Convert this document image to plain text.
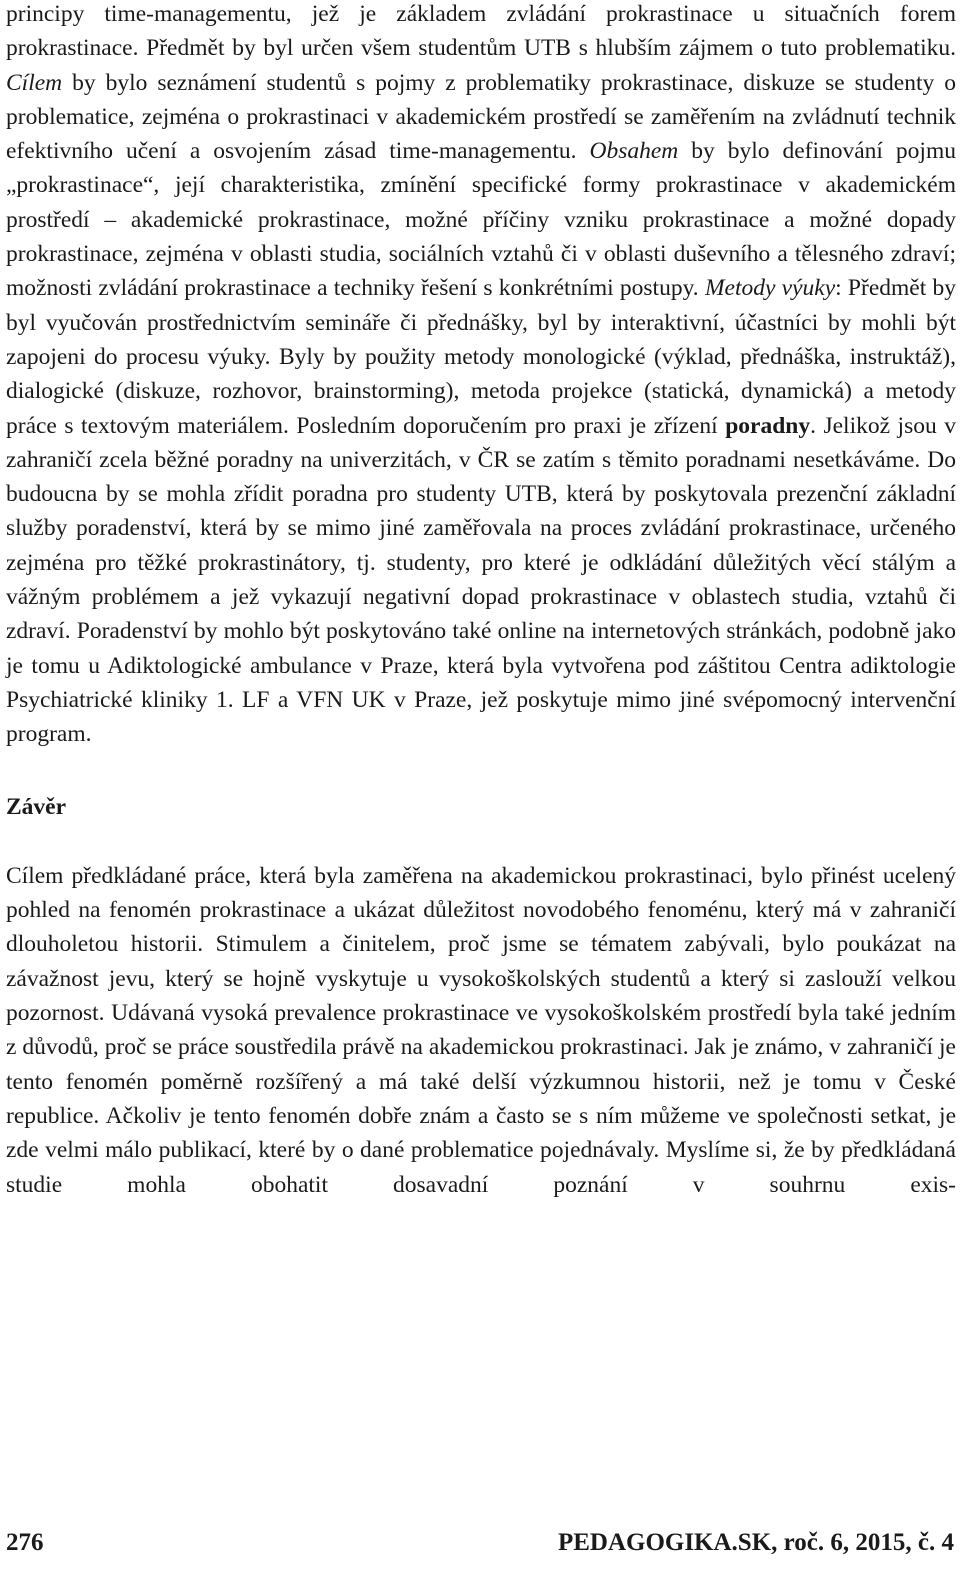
principy time-managementu, jež je základem zvládání prokrastinace u situačních forem prokrastinace. Předmět by byl určen všem studentům UTB s hlubším zájmem o tuto problematiku. Cílem by bylo seznámení studentů s pojmy z problematiky prokrastinace, diskuze se studenty o problematice, zejména o prokrastinaci v akademickém prostředí se zaměřením na zvládnutí technik efektivního učení a osvojením zásad time-managementu. Obsahem by bylo definování pojmu „prokrastinace“, její charakteristika, zmínění specifické formy prokrastinace v akademickém prostředí – akademické prokrastinace, možné příčiny vzniku prokrastinace a možné dopady prokrastinace, zejména v oblasti studia, sociálních vztahů či v oblasti duševního a tělesného zdraví; možnosti zvládání prokrastinace a techniky řešení s konkrétními postupy. Metody výuky: Předmět by byl vyučován prostřednictvím semináře či přednášky, byl by interaktivní, účastníci by mohli být zapojeni do procesu výuky. Byly by použity metody monologické (výklad, přednáška, instruktáž), dialogické (diskuze, rozhovor, brainstorming), metoda projekce (statická, dynamická) a metody práce s textovým materiálem. Posledním doporučením pro praxi je zřízení poradny. Jelikož jsou v zahraničí zcela běžné poradny na univerzitách, v ČR se zatím s těmito poradnami nesetkáváme. Do budoucna by se mohla zřídit poradna pro studenty UTB, která by poskytovala prezenční základní služby poradenství, která by se mimo jiné zaměřovala na proces zvládání prokrastinace, určeného zejména pro těžké prokrastinátory, tj. studenty, pro které je odkládání důležitých věcí stálým a vážným problémem a jež vykazují negativní dopad prokrastinace v oblastech studia, vztahů či zdraví. Poradenství by mohlo být poskytováno také online na internetových stránkách, podobně jako je tomu u Adiktologické ambulance v Praze, která byla vytvořena pod záštitou Centra adiktologie Psychiatrické kliniky 1. LF a VFN UK v Praze, jež poskytuje mimo jiné svépomocný intervenční program.

Závěr

Cílem předkládané práce, která byla zaměřena na akademickou prokrastinaci, bylo přinést ucelený pohled na fenomén prokrastinace a ukázat důležitost novodobého fenoménu, který má v zahraničí dlouholetou historii. Stimulem a činitelem, proč jsme se tématem zabývali, bylo poukázat na závažnost jevu, který se hojně vyskytuje u vysokoškolských studentů a který si zaslouží velkou pozornost. Udávaná vysoká prevalence prokrastinace ve vysokoškolském prostředí byla také jedním z důvodů, proč se práce soustředila právě na akademickou prokrastinaci. Jak je známo, v zahraničí je tento fenomén poměrně rozšířený a má také delší výzkumnou historii, než je tomu v České republice. Ačkoliv je tento fenomén dobře znám a často se s ním můžeme ve společnosti setkat, je zde velmi málo publikací, které by o dané problematice pojednávaly. Myslíme si, že by předkládaná studie mohla obohatit dosavadní poznání v souhrnu exis-

276	PEDAGOGIKA.SK, roč. 6, 2015, č. 4
